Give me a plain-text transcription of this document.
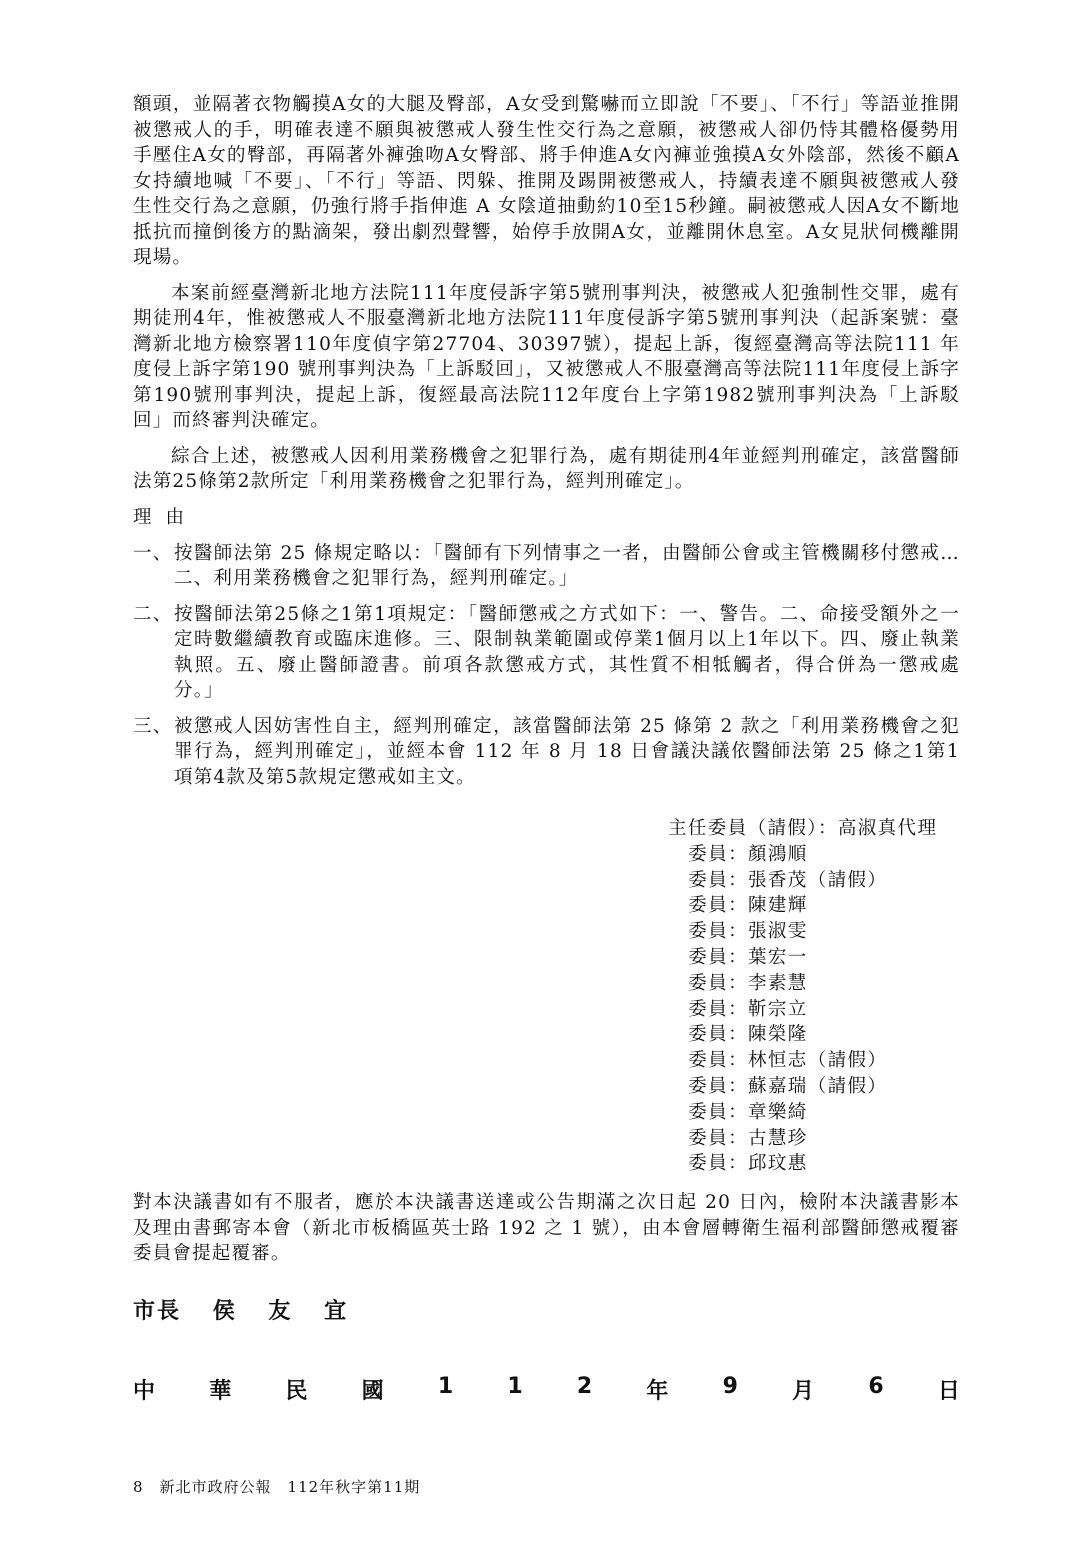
額頭，並隔著衣物觸摸A女的大腿及臀部，A女受到驚嚇而立即說「不要」、「不行」等語並推開被懲戒人的手，明確表達不願與被懲戒人發生性交行為之意願，被懲戒人卻仍恃其體格優勢用手壓住A女的臀部，再隔著外褲強吻A女臀部、將手伸進A女內褲並強摸A女外陰部，然後不顧A女持續地喊「不要」、「不行」等語、閃躲、推開及踢開被懲戒人，持續表達不願與被懲戒人發生性交行為之意願，仍強行將手指伸進 A 女陰道抽動約10至15秒鐘。嗣被懲戒人因A女不斷地抵抗而撞倒後方的點滴架，發出劇烈聲響，始停手放開A女，並離開休息室。A女見狀伺機離開現場。

本案前經臺灣新北地方法院111年度侵訴字第5號刑事判決，被懲戒人犯強制性交罪，處有期徒刑4年，惟被懲戒人不服臺灣新北地方法院111年度侵訴字第5號刑事判決（起訴案號：臺灣新北地方檢察署110年度偵字第27704、30397號），提起上訴，復經臺灣高等法院111 年度侵上訴字第190 號刑事判決為「上訴駁回」，又被懲戒人不服臺灣高等法院111年度侵上訴字第190號刑事判決，提起上訴，復經最高法院112年度台上字第1982號刑事判決為「上訴駁回」而終審判決確定。

綜合上述，被懲戒人因利用業務機會之犯罪行為，處有期徒刑4年並經判刑確定，該當醫師法第25條第2款所定「利用業務機會之犯罪行為，經判刑確定」。

理由
一、 按醫師法第 25 條規定略以：「醫師有下列情事之一者，由醫師公會或主管機關移付懲戒…二、利用業務機會之犯罪行為，經判刑確定。」
二、 按醫師法第25條之1第1項規定：「醫師懲戒之方式如下：一、警告。二、命接受額外之一定時數繼續教育或臨床進修。三、限制執業範圍或停業1個月以上1年以下。四、廢止執業執照。五、廢止醫師證書。前項各款懲戒方式，其性質不相牴觸者，得合併為一懲戒處分。」
三、 被懲戒人因妨害性自主，經判刑確定，該當醫師法第 25 條第 2 款之「利用業務機會之犯罪行為，經判刑確定」，並經本會 112 年 8 月 18 日會議決議依醫師法第 25 條之1第1項第4款及第5款規定懲戒如主文。
主任委員（請假）：高淑真代理
委員： 顏鴻順
委員： 張香茂（請假）
委員： 陳建輝
委員： 張淑雯
委員： 葉宏一
委員： 李素慧
委員： 靳宗立
委員： 陳榮隆
委員： 林恒志（請假）
委員： 蘇嘉瑞（請假）
委員： 章樂綺
委員： 古慧珍
委員： 邱玟惠

對本決議書如有不服者，應於本決議書送達或公告期滿之次日起 20 日內，檢附本決議書影本及理由書郵寄本會（新北市板橋區英士路 192 之 1 號），由本會層轉衛生福利部醫師懲戒覆審委員會提起覆審。

市長 侯 友 宜
中 華 民 國 1 1 2 年 9 月 6 日
8　新北市政府公報　112年秋字第11期
